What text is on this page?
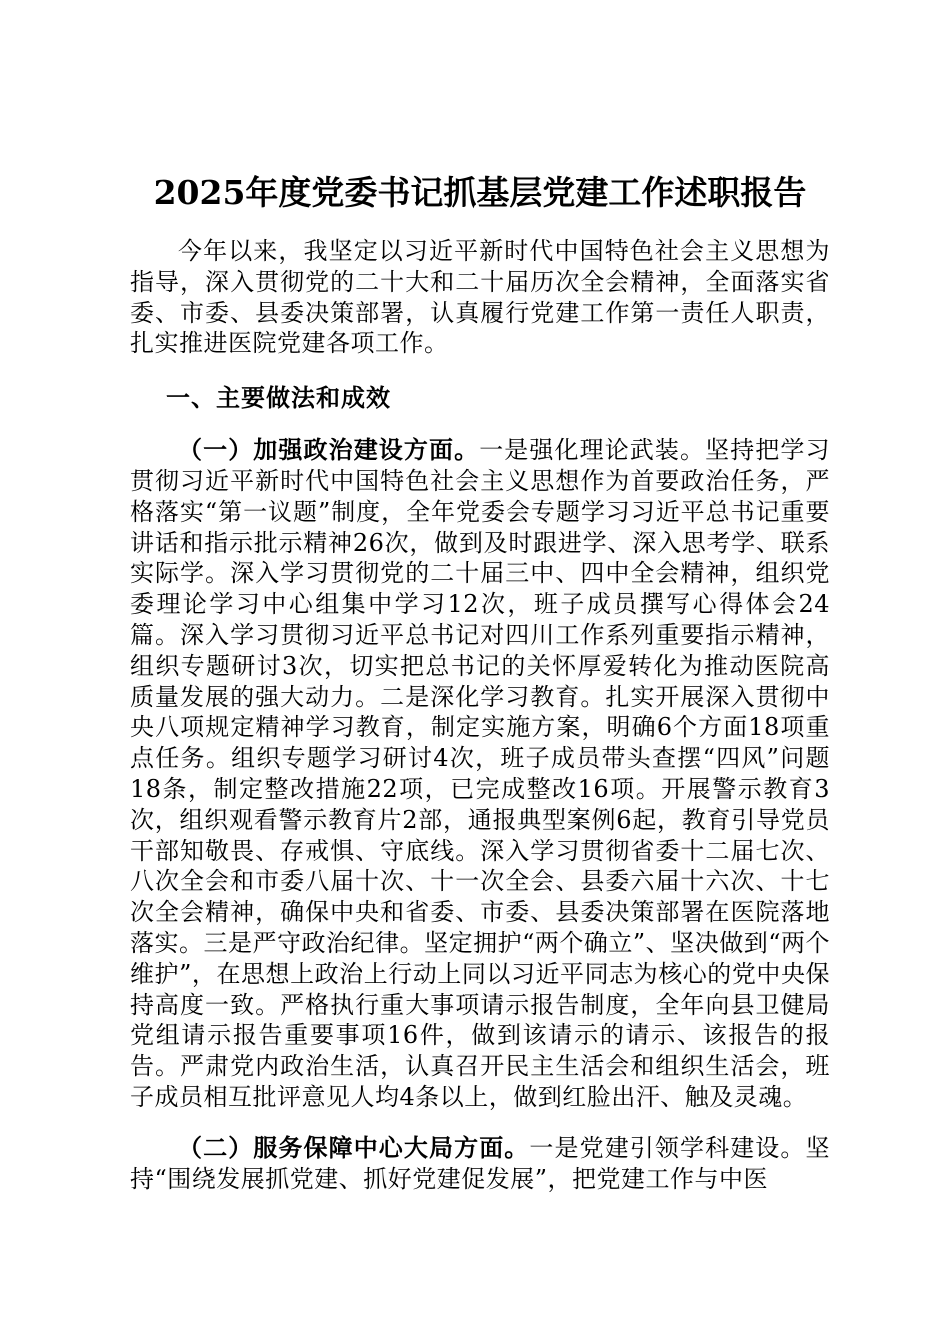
2025年度党委书记抓基层党建工作述职报告

今年以来，我坚定以习近平新时代中国特色社会主义思想为指导，深入贯彻党的二十大和二十届历次全会精神，全面落实省委、市委、县委决策部署，认真履行党建工作第一责任人职责，扎实推进医院党建各项工作。

一、主要做法和成效

（一）加强政治建设方面。一是强化理论武装。坚持把学习贯彻习近平新时代中国特色社会主义思想作为首要政治任务，严格落实“第一议题”制度，全年党委会专题学习习近平总书记重要讲话和指示批示精神26次，做到及时跟进学、深入思考学、联系实际学。深入学习贯彻党的二十届三中、四中全会精神，组织党委理论学习中心组集中学习12次，班子成员撰写心得体会24篇。深入学习贯彻习近平总书记对四川工作系列重要指示精神，组织专题研讨3次，切实把总书记的关怀厚爱转化为推动医院高质量发展的强大动力。二是深化学习教育。扎实开展深入贯彻中央八项规定精神学习教育，制定实施方案，明确6个方面18项重点任务。组织专题学习研讨4次，班子成员带头查摆“四风”问题18条，制定整改措施22项，已完成整改16项。开展警示教育3次，组织观看警示教育片2部，通报典型案例6起，教育引导党员干部知敬畏、存戒惧、守底线。深入学习贯彻省委十二届七次、八次全会和市委八届十次、十一次全会、县委六届十六次、十七次全会精神，确保中央和省委、市委、县委决策部署在医院落地落实。三是严守政治纪律。坚定拥护“两个确立”、坚决做到“两个维护”，在思想上政治上行动上同以习近平同志为核心的党中央保持高度一致。严格执行重大事项请示报告制度，全年向县卫健局党组请示报告重要事项16件，做到该请示的请示、该报告的报告。严肃党内政治生活，认真召开民主生活会和组织生活会，班子成员相互批评意见人均4条以上，做到红脸出汗、触及灵魂。

（二）服务保障中心大局方面。一是党建引领学科建设。坚持“围绕发展抓党建、抓好党建促发展”，把党建工作与中医
